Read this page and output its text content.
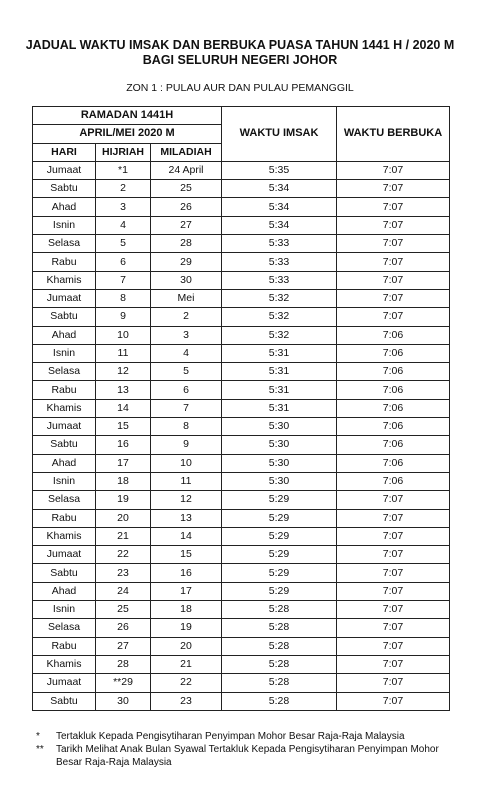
JADUAL WAKTU IMSAK DAN BERBUKA PUASA TAHUN 1441 H / 2020 M
BAGI SELURUH NEGERI JOHOR
ZON 1 : PULAU AUR DAN PULAU PEMANGGIL
RAMADAN 1441H			WAKTU IMSAK	WAKTU BERBUKA
APRIL/MEI 2020 M				
HARI	HIJRIAH	MILADIAH		
Jumaat	*1	24 April	5:35	7:07
Sabtu	2	25	5:34	7:07
Ahad	3	26	5:34	7:07
Isnin	4	27	5:34	7:07
Selasa	5	28	5:33	7:07
Rabu	6	29	5:33	7:07
Khamis	7	30	5:33	7:07
Jumaat	8	Mei	5:32	7:07
Sabtu	9	2	5:32	7:07
Ahad	10	3	5:32	7:06
Isnin	11	4	5:31	7:06
Selasa	12	5	5:31	7:06
Rabu	13	6	5:31	7:06
Khamis	14	7	5:31	7:06
Jumaat	15	8	5:30	7:06
Sabtu	16	9	5:30	7:06
Ahad	17	10	5:30	7:06
Isnin	18	11	5:30	7:06
Selasa	19	12	5:29	7:07
Rabu	20	13	5:29	7:07
Khamis	21	14	5:29	7:07
Jumaat	22	15	5:29	7:07
Sabtu	23	16	5:29	7:07
Ahad	24	17	5:29	7:07
Isnin	25	18	5:28	7:07
Selasa	26	19	5:28	7:07
Rabu	27	20	5:28	7:07
Khamis	28	21	5:28	7:07
Jumaat	**29	22	5:28	7:07
Sabtu	30	23	5:28	7:07
*	Tertakluk Kepada Pengisytiharan Penyimpan Mohor Besar Raja-Raja Malaysia
**	Tarikh Melihat Anak Bulan Syawal Tertakluk Kepada Pengisytiharan Penyimpan Mohor Besar Raja-Raja Malaysia
